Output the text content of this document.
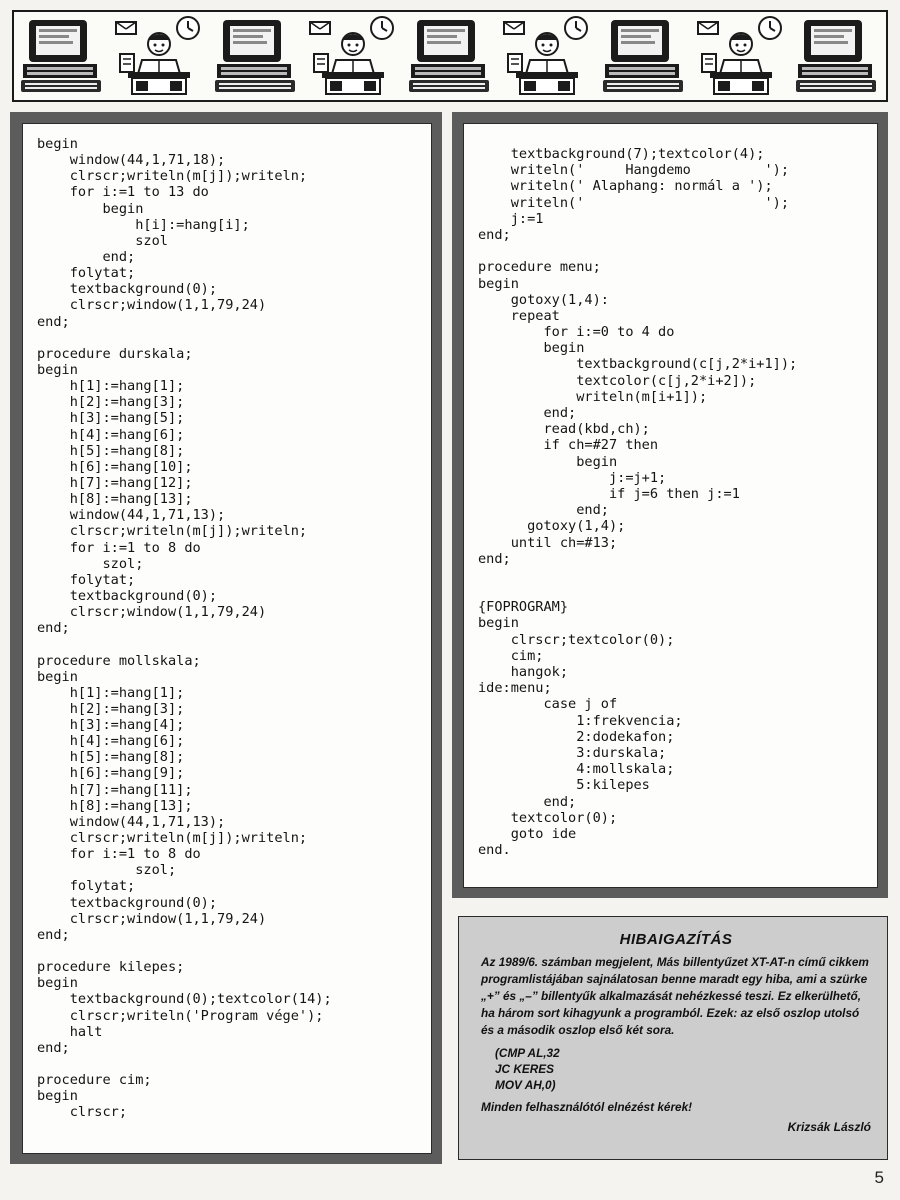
begin
window(44,1,71,18);
clrscr;writeln(m[j]);writeln;
for i:=1 to 13 do
begin
h[i]:=hang[i];
szol
end;
folytat;
textbackground(0);
clrscr;window(1,1,79,24)
end;
procedure durskala;
begin
h[1]:=hang[1];
h[2]:=hang[3];
h[3]:=hang[5];
h[4]:=hang[6];
h[5]:=hang[8];
h[6]:=hang[10];
h[7]:=hang[12];
h[8]:=hang[13];
window(44,1,71,13);
clrscr;writeln(m[j]);writeln;
for i:=1 to 8 do
szol;
folytat;
textbackground(0);
clrscr;window(1,1,79,24)
end;
procedure mollskala;
begin
h[1]:=hang[1];
h[2]:=hang[3];
h[3]:=hang[4];
h[4]:=hang[6];
h[5]:=hang[8];
h[6]:=hang[9];
h[7]:=hang[11];
h[8]:=hang[13];
window(44,1,71,13);
clrscr;writeln(m[j]);writeln;
for i:=1 to 8 do
szol;
folytat;
textbackground(0);
clrscr;window(1,1,79,24)
end;
procedure kilepes;
begin
textbackground(0);textcolor(14);
clrscr;writeln('Program vége');
halt
end;
procedure cim;
begin
clrscr;
textbackground(7);textcolor(4);
writeln('     Hangdemo         ');
writeln(' Alaphang: normál a ');
writeln('                      ');
j:=1
end;
procedure menu;
begin
gotoxy(1,4):
repeat
for i:=0 to 4 do
begin
textbackground(c[j,2*i+1]);
textcolor(c[j,2*i+2]);
writeln(m[i+1]);
end;
read(kbd,ch);
if ch=#27 then
begin
j:=j+1;
if j=6 then j:=1
end;
gotoxy(1,4);
until ch=#13;
end;
{FOPROGRAM}
begin
clrscr;textcolor(0);
cim;
hangok;
ide:menu;
case j of
1:frekvencia;
2:dodekafon;
3:durskala;
4:mollskala;
5:kilepes
end;
textcolor(0);
goto ide
end.
HIBAIGAZÍTÁS
Az 1989/6. számban megjelent, Más billentyűzet XT-AT-n című cikkem programlistájában sajnálatosan benne maradt egy hiba, ami a szürke „+” és „–” billentyűk alkalmazását nehézkessé teszi. Ez elkerülhető, ha három sort kihagyunk a programból. Ezek: az első oszlop utolsó és a második oszlop első két sora.
(CMP AL,32
JC KERES
MOV AH,0)
Minden felhasználótól elnézést kérek!
Krizsák László
5
